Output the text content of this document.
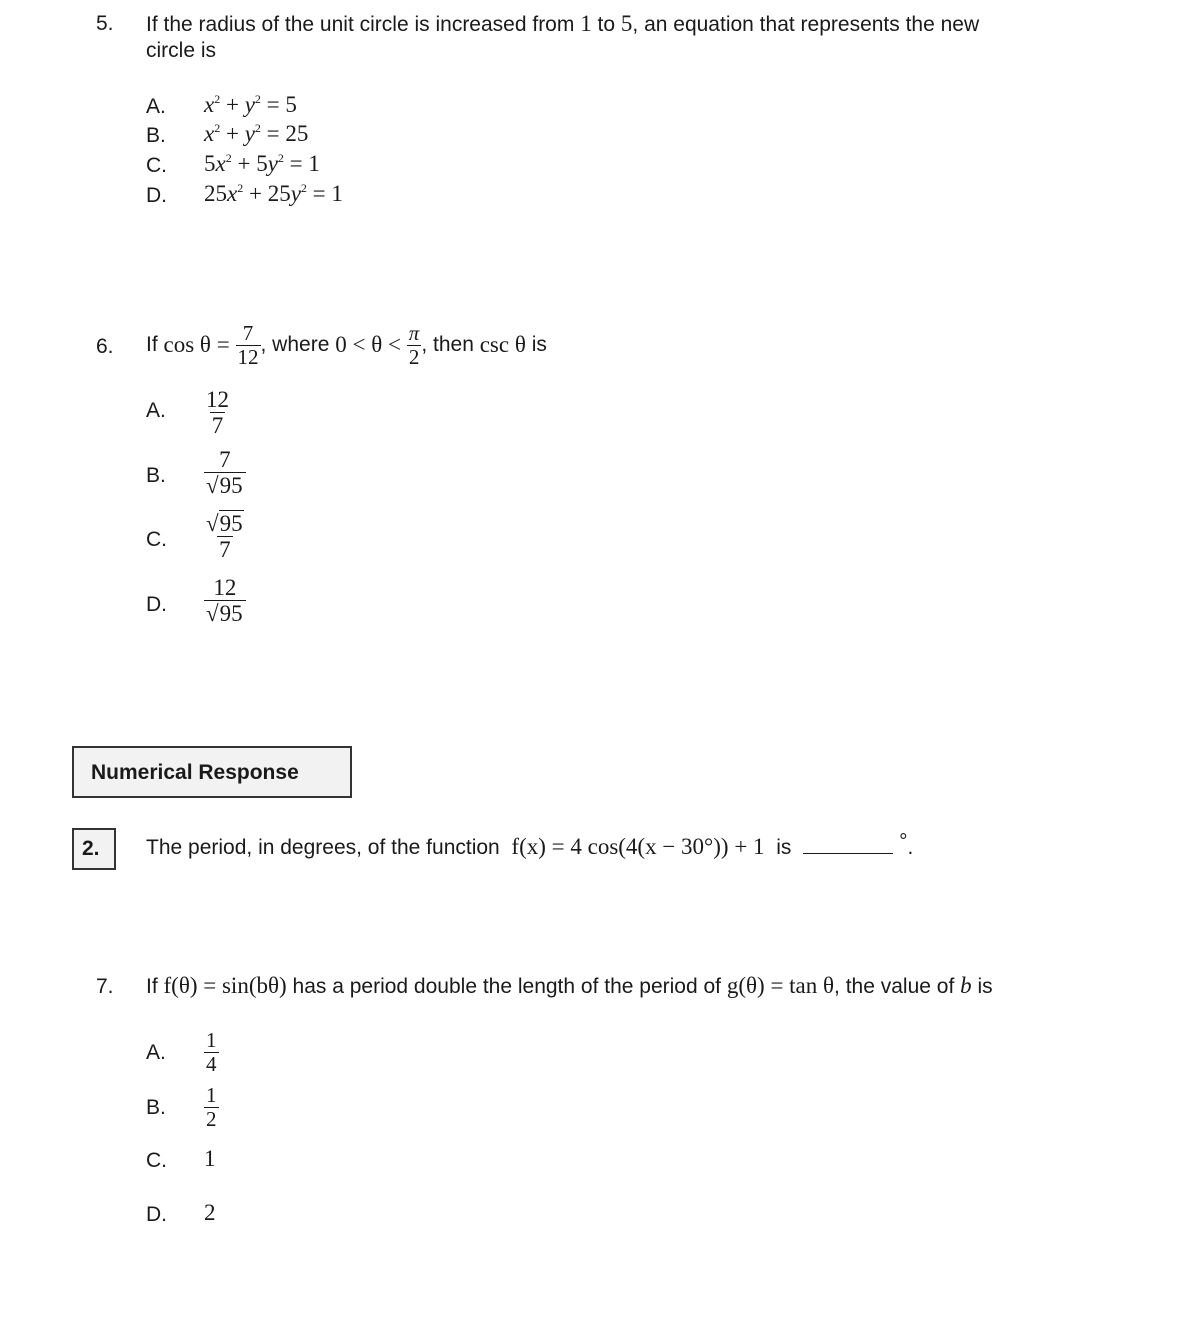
5. If the radius of the unit circle is increased from 1 to 5, an equation that represents the new
circle is
A. $x^2 + y^2 = 5$
B. $x^2 + y^2 = 25$
C. $5x^2 + 5y^2 = 1$
D. $25x^2 + 25y^2 = 1$
6. If
cos θ =
$\frac{7}{12}$ , where
0 < θ <
$\frac{\pi}{2}$ , then
csc θ
is
A. $\frac{12}{7}$
B. $\frac{7}{√95}$
C. $\frac{√95}{7}$
D. $\frac{12}{√95}$
Numerical Response
2. The period, in degrees, of the function f(x) = 4 cos(4(x − 30°)) + 1 is	°.
7. If f(θ) = sin(bθ) has a period double the length of the period of g(θ) = tan θ, the value of b is
A. $\frac{1}{4}$
B. $\frac{1}{2}$
C. 1
D. 2
